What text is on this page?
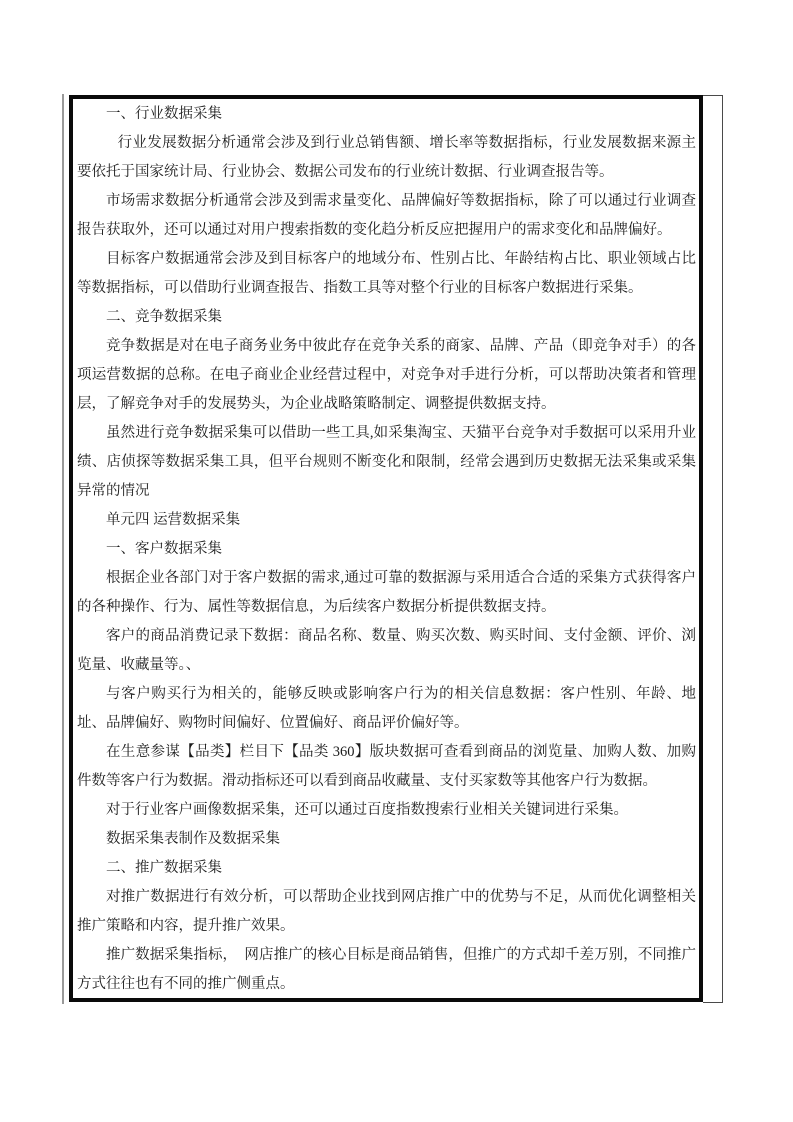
一、行业数据采集

行业发展数据分析通常会涉及到行业总销售额、增长率等数据指标，行业发展数据来源主要依托于国家统计局、行业协会、数据公司发布的行业统计数据、行业调查报告等。

市场需求数据分析通常会涉及到需求量变化、品牌偏好等数据指标，除了可以通过行业调查报告获取外，还可以通过对用户搜索指数的变化趋分析反应把握用户的需求变化和品牌偏好。

目标客户数据通常会涉及到目标客户的地域分布、性别占比、年龄结构占比、职业领域占比等数据指标，可以借助行业调查报告、指数工具等对整个行业的目标客户数据进行采集。

二、竞争数据采集

竞争数据是对在电子商务业务中彼此存在竞争关系的商家、品牌、产品（即竞争对手）的各项运营数据的总称。在电子商业企业经营过程中，对竞争对手进行分析，可以帮助决策者和管理层，了解竞争对手的发展势头，为企业战略策略制定、调整提供数据支持。

虽然进行竞争数据采集可以借助一些工具,如采集淘宝、天猫平台竞争对手数据可以采用升业绩、店侦探等数据采集工具，但平台规则不断变化和限制，经常会遇到历史数据无法采集或采集异常的情况

单元四 运营数据采集

一、客户数据采集

根据企业各部门对于客户数据的需求,通过可靠的数据源与采用适合合适的采集方式获得客户的各种操作、行为、属性等数据信息，为后续客户数据分析提供数据支持。

客户的商品消费记录下数据：商品名称、数量、购买次数、购买时间、支付金额、评价、浏览量、收藏量等。、

与客户购买行为相关的，能够反映或影响客户行为的相关信息数据：客户性别、年龄、地址、品牌偏好、购物时间偏好、位置偏好、商品评价偏好等。

在生意参谋【品类】栏目下【品类 360】版块数据可查看到商品的浏览量、加购人数、加购件数等客户行为数据。滑动指标还可以看到商品收藏量、支付买家数等其他客户行为数据。

对于行业客户画像数据采集，还可以通过百度指数搜索行业相关关键词进行采集。

数据采集表制作及数据采集

二、推广数据采集

对推广数据进行有效分析，可以帮助企业找到网店推广中的优势与不足，从而优化调整相关推广策略和内容，提升推广效果。

推广数据采集指标，　网店推广的核心目标是商品销售，但推广的方式却千差万别，不同推广方式往往也有不同的推广侧重点。
